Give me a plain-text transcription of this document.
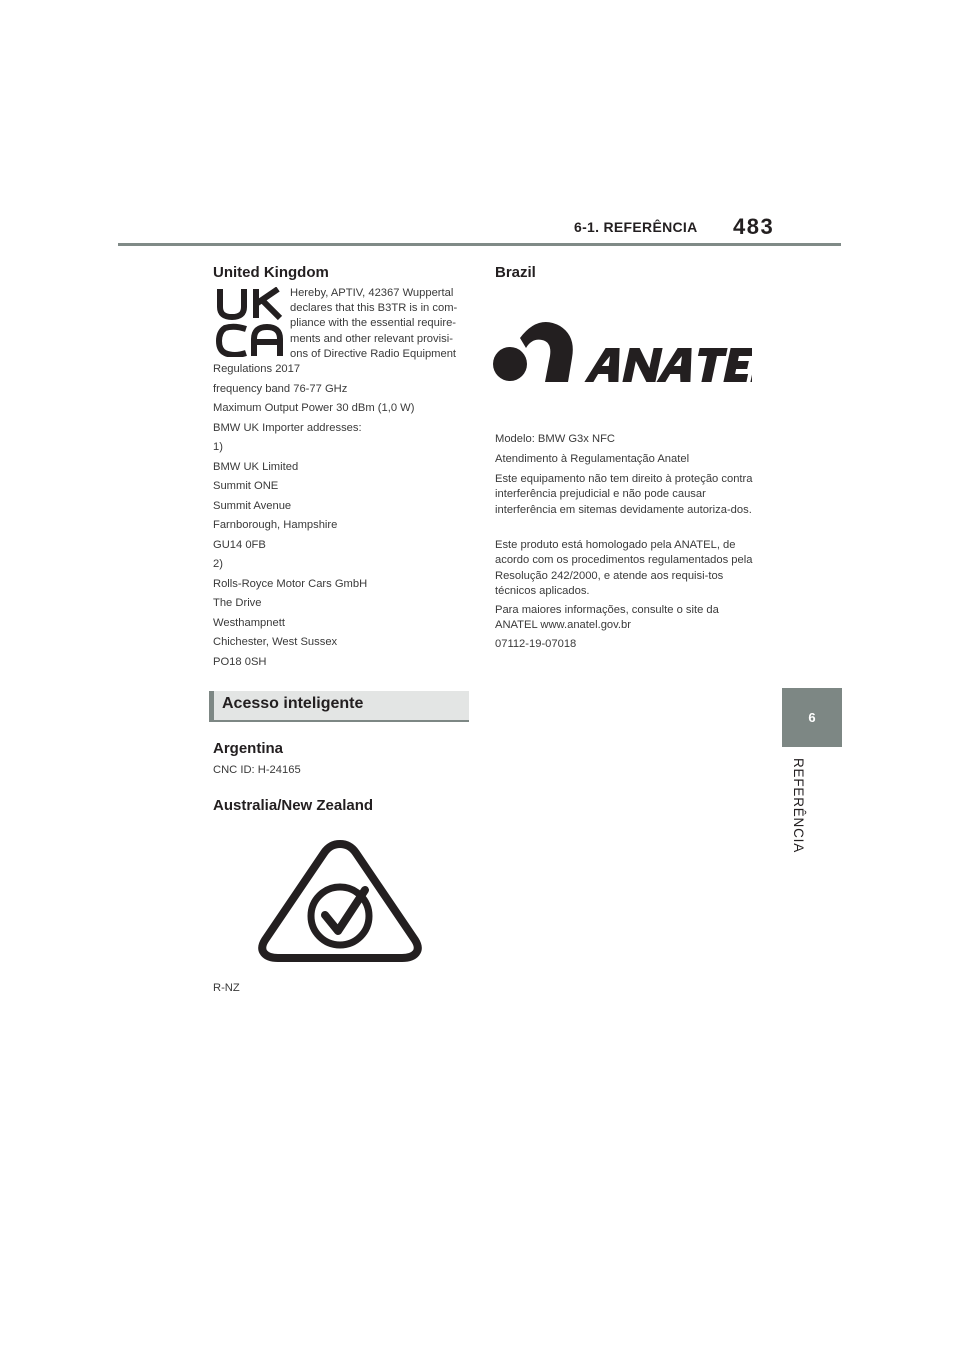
6-1. REFERÊNCIA 483
6
REFERÊNCIA
United Kingdom
Hereby, APTIV, 42367 Wuppertal
declares that this B3TR is in com-
pliance with the essential require-
ments and other relevant provisi-
ons of Directive Radio Equipment
Regulations 2017
frequency band 76-77 GHz
Maximum Output Power 30 dBm (1,0 W)
BMW UK Importer addresses:
1)
BMW UK Limited
Summit ONE
Summit Avenue
Farnborough, Hampshire
GU14 0FB
2)
Rolls-Royce Motor Cars GmbH
The Drive
Westhampnett
Chichester, West Sussex
PO18 0SH
Acesso inteligente
Argentina
CNC ID: H-24165
Australia/New Zealand
R-NZ
Brazil
Modelo: BMW G3x NFC
Atendimento à Regulamentação Anatel
Este equipamento não tem direito à proteção contra interferência prejudicial e não pode causar interferência em sitemas devidamente autoriza-dos.
Este produto está homologado pela ANATEL, de acordo com os procedimentos regulamentados pela Resolução 242/2000, e atende aos requisi-tos técnicos aplicados.
Para maiores informações, consulte o site da ANATEL www.anatel.gov.br
07112-19-07018
